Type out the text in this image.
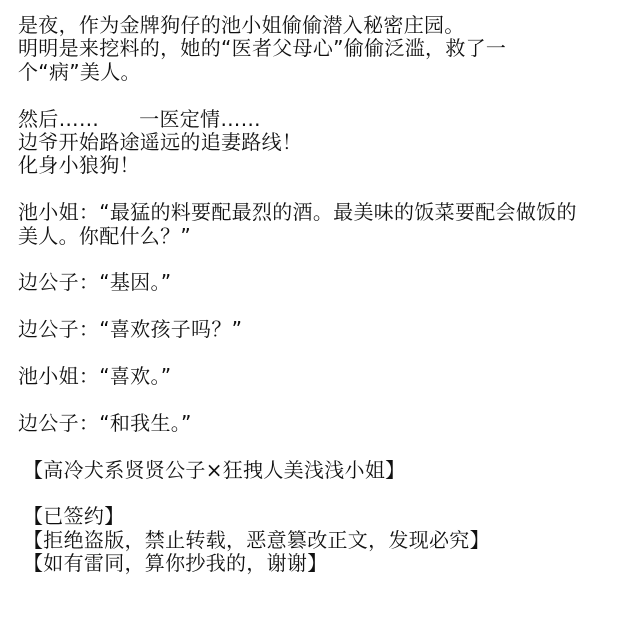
是夜，作为金牌狗仔的池小姐偷偷潜入秘密庄园。
明明是来挖料的，她的“医者父母心”偷偷泛滥，救了一
个“病”美人。
然后……      一医定情……
边爷开始路途遥远的追妻路线！
化身小狼狗！
池小姐：“最猛的料要配最烈的酒。最美味的饭菜要配会做饭的
美人。你配什么？”
边公子：“基因。”
边公子：“喜欢孩子吗？”
池小姐：“喜欢。”
边公子：“和我生。”
【高冷犬系贤贤公子×狂拽人美浅浅小姐】
【已签约】
【拒绝盗版，禁止转载，恶意篡改正文，发现必究】
【如有雷同，算你抄我的，谢谢】
